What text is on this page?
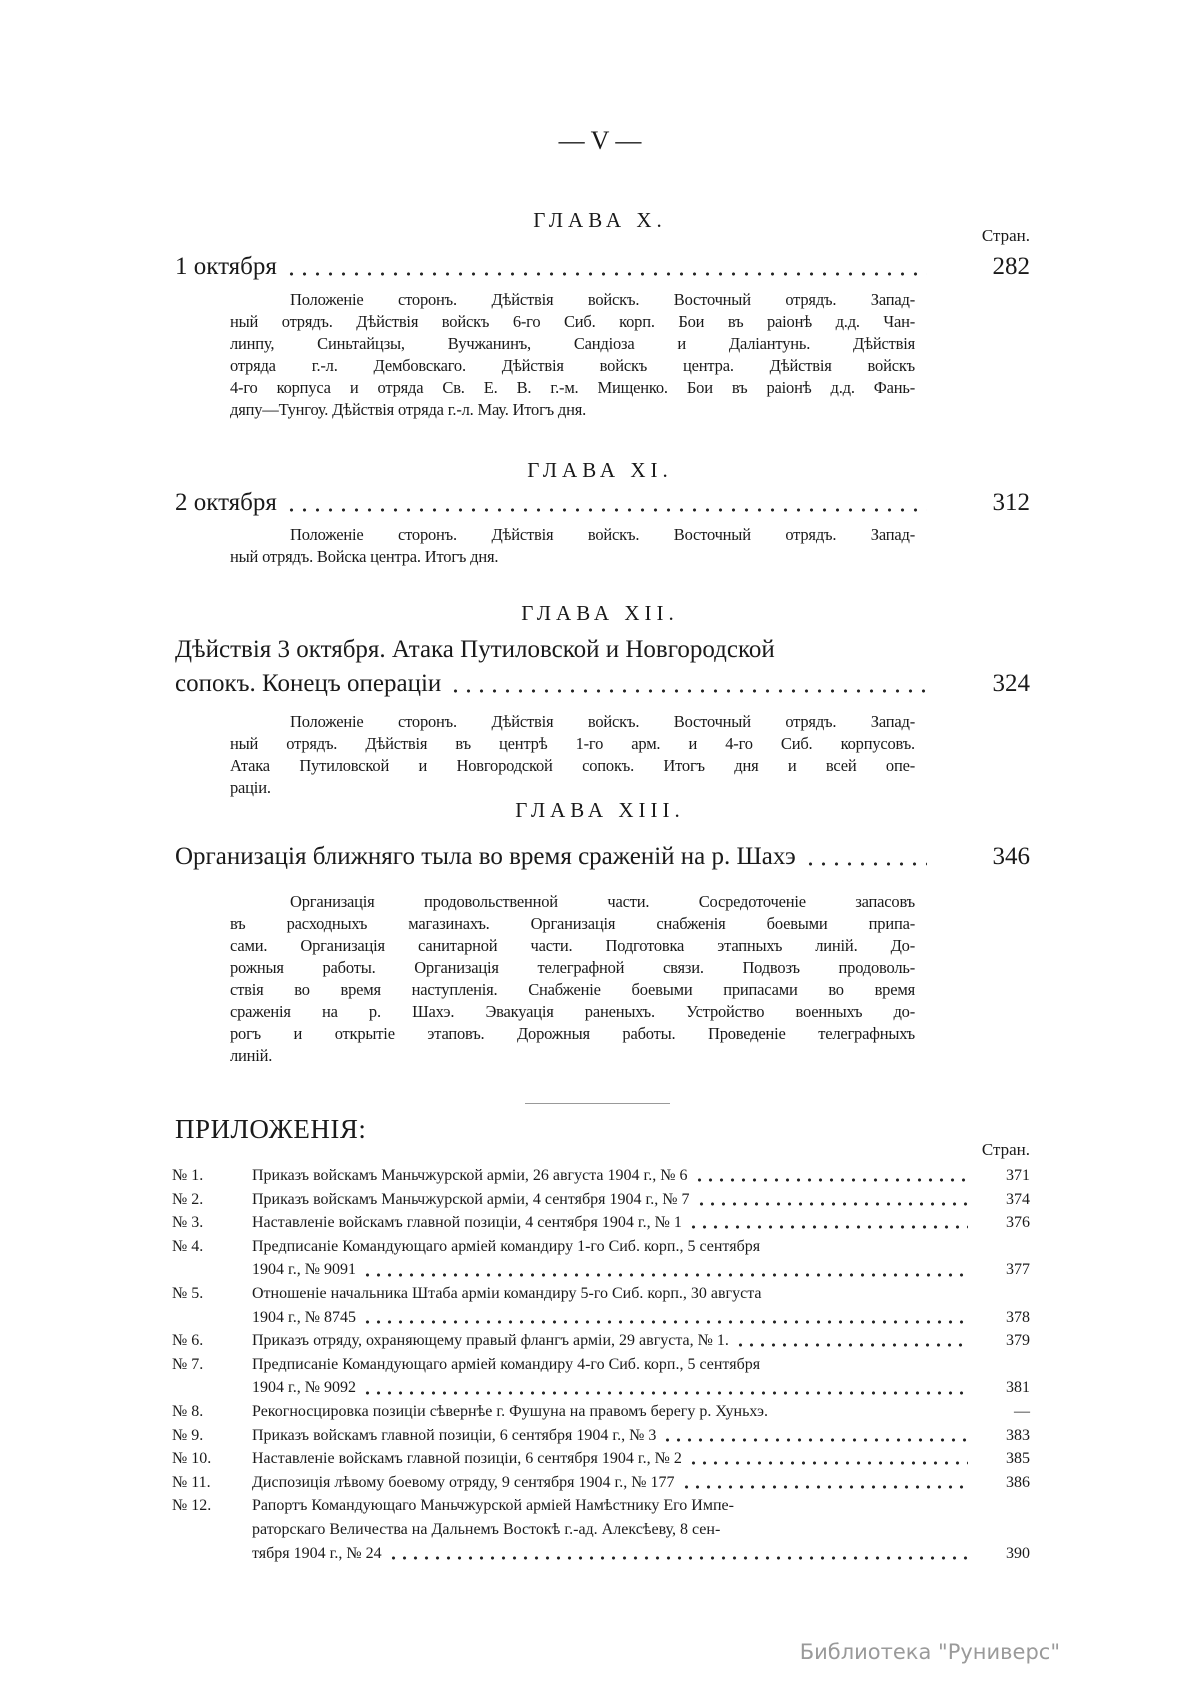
— V —
Стран.
ГЛАВА X.
1 октября	282
Положеніе сторонъ. Дѣйствія войскъ. Восточный отрядъ. Запад-
ный отрядъ. Дѣйствія войскъ 6-го Сиб. корп. Бои въ раіонѣ д.д. Чан-
линпу, Синьтайцзы, Вучжанинъ, Сандіоза и Даліантунь. Дѣйствія
отряда г.-л. Дембовскаго. Дѣйствія войскъ центра. Дѣйствія войскъ
4-го корпуса и отряда Св. Е. В. г.-м. Мищенко. Бои въ раіонѣ д.д. Фань-
дяпу—Тунгоу. Дѣйствія отряда г.-л. Мау. Итогъ дня.
ГЛАВА XI.
2 октября	312
Положеніе сторонъ. Дѣйствія войскъ. Восточный отрядъ. Запад-
ный отрядъ. Войска центра. Итогъ дня.
ГЛАВА XII.
Дѣйствія 3 октября. Атака Путиловской и Новгородской
сопокъ. Конецъ операціи	324
Положеніе сторонъ. Дѣйствія войскъ. Восточный отрядъ. Запад-
ный отрядъ. Дѣйствія въ центрѣ 1-го арм. и 4-го Сиб. корпусовъ.
Атака Путиловской и Новгородской сопокъ. Итогъ дня и всей опе-
раціи.
ГЛАВА XIII.
Организація ближняго тыла во время сраженій на р. Шахэ	346
Организація продовольственной части. Сосредоточеніе запасовъ
въ расходныхъ магазинахъ. Организація снабженія боевыми припа-
сами. Организація санитарной части. Подготовка этапныхъ линій. До-
рожныя работы. Организація телеграфной связи. Подвозъ продоволь-
ствія во время наступленія. Снабженіе боевыми припасами во время
сраженія на р. Шахэ. Эвакуація раненыхъ. Устройство военныхъ до-
рогъ и открытіе этаповъ. Дорожныя работы. Проведеніе телеграфныхъ
линій.
ПРИЛОЖЕНІЯ:
Стран.
№ 1.	Приказъ войскамъ Маньчжурской арміи, 26 августа 1904 г., № 6	371
№ 2.	Приказъ войскамъ Маньчжурской арміи, 4 сентября 1904 г., № 7	374
№ 3.	Наставленіе войскамъ главной позиціи, 4 сентября 1904 г., № 1	376
№ 4.	Предписаніе Командующаго арміей командиру 1-го Сиб. корп., 5 сентября
1904 г., № 9091	377
№ 5.	Отношеніе начальника Штаба арміи командиру 5-го Сиб. корп., 30 августа
1904 г., № 8745	378
№ 6.	Приказъ отряду, охраняющему правый флангъ арміи, 29 августа, № 1.	379
№ 7.	Предписаніе Командующаго арміей командиру 4-го Сиб. корп., 5 сентября
1904 г., № 9092	381
№ 8.	Рекогносцировка позиціи сѣвернѣе г. Фушуна на правомъ берегу р. Хуньхэ.	—
№ 9.	Приказъ войскамъ главной позиціи, 6 сентября 1904 г., № 3	383
№ 10.	Наставленіе войскамъ главной позиціи, 6 сентября 1904 г., № 2	385
№ 11.	Диспозиція лѣвому боевому отряду, 9 сентября 1904 г., № 177	386
№ 12.	Рапортъ Командующаго Маньчжурской арміей Намѣстнику Его Импе-
раторскаго Величества на Дальнемъ Востокѣ г.-ад. Алексѣеву, 8 сен-
тября 1904 г., № 24	390
Библиотека "Руниверс"
